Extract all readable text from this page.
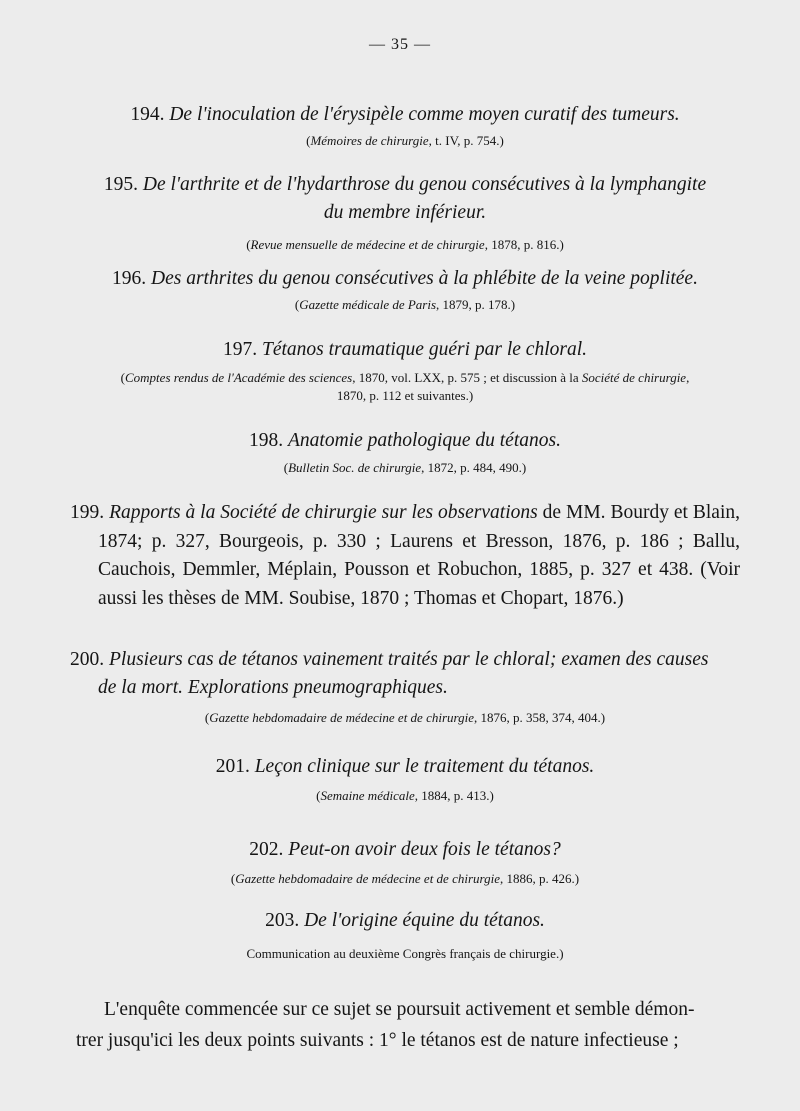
— 35 —
194. De l'inoculation de l'érysipèle comme moyen curatif des tumeurs.
(Mémoires de chirurgie, t. IV, p. 754.)
195. De l'arthrite et de l'hydarthrose du genou consécutives à la lymphangite
du membre inférieur.
(Revue mensuelle de médecine et de chirurgie, 1878, p. 816.)
196. Des arthrites du genou consécutives à la phlébite de la veine poplitée.
(Gazette médicale de Paris, 1879, p. 178.)
197. Tétanos traumatique guéri par le chloral.
(Comptes rendus de l'Académie des sciences, 1870, vol. LXX, p. 575 ; et discussion à la Société de chirurgie,
1870, p. 112 et suivantes.)
198. Anatomie pathologique du tétanos.
(Bulletin Soc. de chirurgie, 1872, p. 484, 490.)
199. Rapports à la Société de chirurgie sur les observations de MM. Bourdy et Blain, 1874; p. 327, Bourgeois, p. 330 ; Laurens et Bresson, 1876, p. 186 ; Ballu, Cauchois, Demmler, Méplain, Pousson et Robuchon, 1885, p. 327 et 438. (Voir aussi les thèses de MM. Soubise, 1870 ; Thomas et Chopart, 1876.)
200. Plusieurs cas de tétanos vainement traités par le chloral; examen des causes
de la mort. Explorations pneumographiques.
(Gazette hebdomadaire de médecine et de chirurgie, 1876, p. 358, 374, 404.)
201. Leçon clinique sur le traitement du tétanos.
(Semaine médicale, 1884, p. 413.)
202. Peut-on avoir deux fois le tétanos?
(Gazette hebdomadaire de médecine et de chirurgie, 1886, p. 426.)
203. De l'origine équine du tétanos.
Communication au deuxième Congrès français de chirurgie.)
L'enquête commencée sur ce sujet se poursuit activement et semble démon-
trer jusqu'ici les deux points suivants : 1° le tétanos est de nature infectieuse ;
